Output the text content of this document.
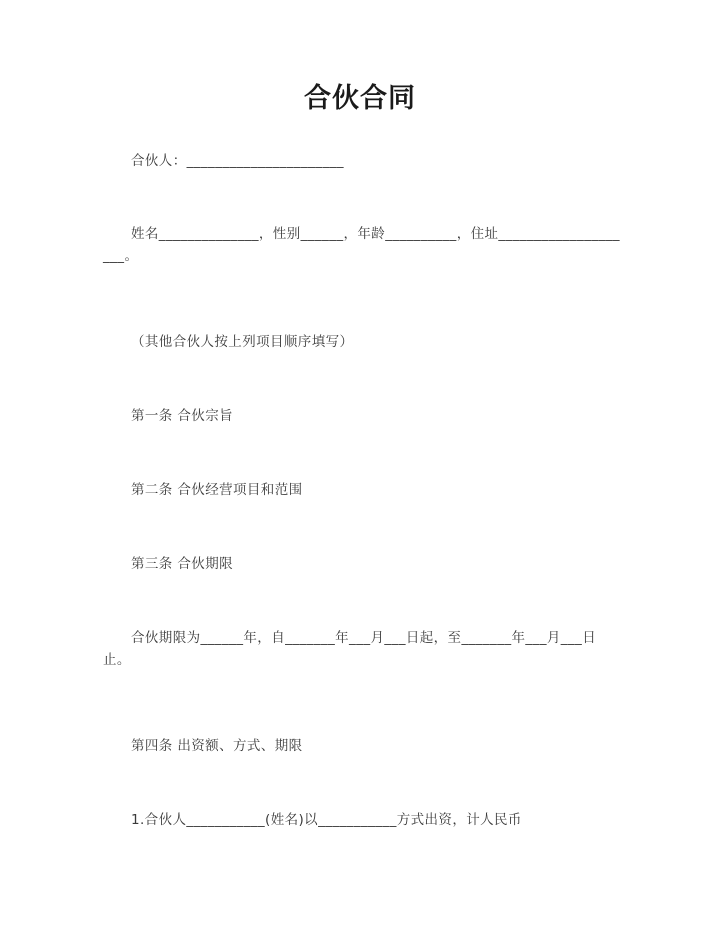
合伙合同
合伙人：______________________
姓名______________，性别______，年龄__________，住址____________________。
（其他合伙人按上列项目顺序填写）
第一条 合伙宗旨
第二条 合伙经营项目和范围
第三条 合伙期限
合伙期限为______年，自_______年___月___日起，至_______年___月___日止。
第四条 出资额、方式、期限
1.合伙人___________(姓名)以___________方式出资，计人民币
